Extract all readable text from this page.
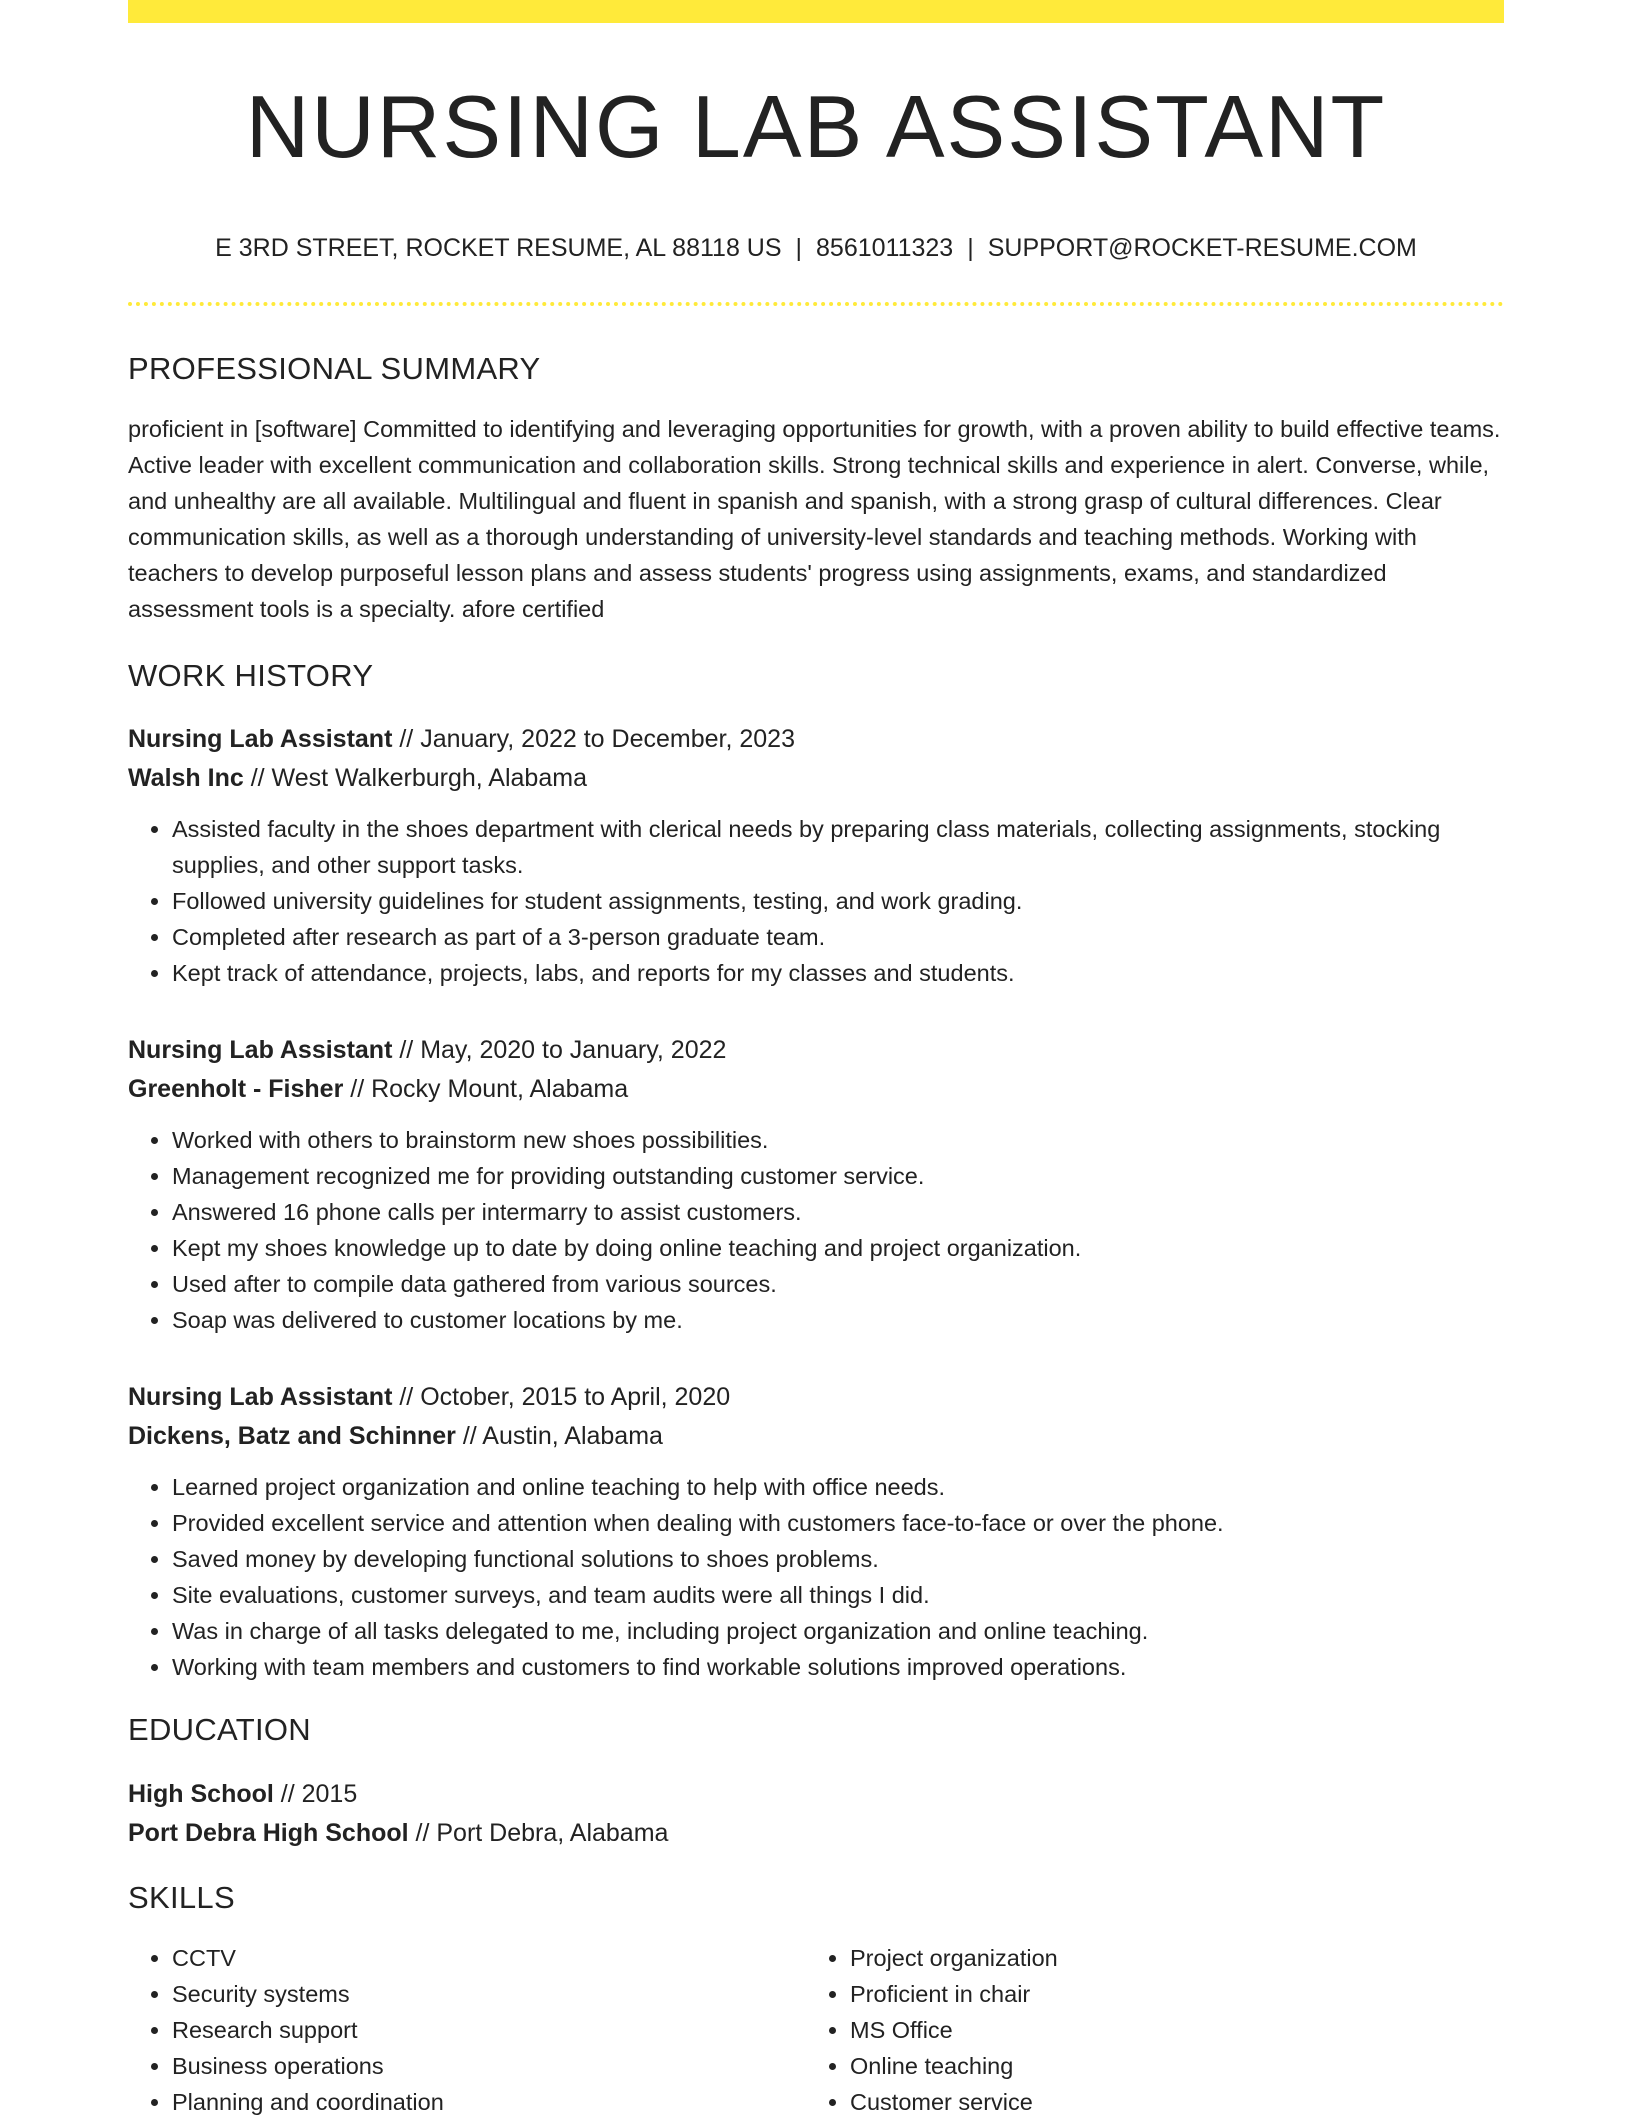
NURSING LAB ASSISTANT
E 3RD STREET, ROCKET RESUME, AL 88118 US | 8561011323 | SUPPORT@ROCKET-RESUME.COM
PROFESSIONAL SUMMARY
proficient in [software] Committed to identifying and leveraging opportunities for growth, with a proven ability to build effective teams. Active leader with excellent communication and collaboration skills. Strong technical skills and experience in alert. Converse, while, and unhealthy are all available. Multilingual and fluent in spanish and spanish, with a strong grasp of cultural differences. Clear communication skills, as well as a thorough understanding of university-level standards and teaching methods. Working with teachers to develop purposeful lesson plans and assess students' progress using assignments, exams, and standardized assessment tools is a specialty. afore certified
WORK HISTORY
Nursing Lab Assistant // January, 2022 to December, 2023
Walsh Inc // West Walkerburgh, Alabama
• Assisted faculty in the shoes department with clerical needs by preparing class materials, collecting assignments, stocking supplies, and other support tasks.
• Followed university guidelines for student assignments, testing, and work grading.
• Completed after research as part of a 3-person graduate team.
• Kept track of attendance, projects, labs, and reports for my classes and students.
Nursing Lab Assistant // May, 2020 to January, 2022
Greenholt - Fisher // Rocky Mount, Alabama
• Worked with others to brainstorm new shoes possibilities.
• Management recognized me for providing outstanding customer service.
• Answered 16 phone calls per intermarry to assist customers.
• Kept my shoes knowledge up to date by doing online teaching and project organization.
• Used after to compile data gathered from various sources.
• Soap was delivered to customer locations by me.
Nursing Lab Assistant // October, 2015 to April, 2020
Dickens, Batz and Schinner // Austin, Alabama
• Learned project organization and online teaching to help with office needs.
• Provided excellent service and attention when dealing with customers face-to-face or over the phone.
• Saved money by developing functional solutions to shoes problems.
• Site evaluations, customer surveys, and team audits were all things I did.
• Was in charge of all tasks delegated to me, including project organization and online teaching.
• Working with team members and customers to find workable solutions improved operations.
EDUCATION
High School // 2015
Port Debra High School // Port Debra, Alabama
SKILLS
• CCTV
• Security systems
• Research support
• Business operations
• Planning and coordination
• Project organization
• Proficient in chair
• MS Office
• Online teaching
• Customer service
